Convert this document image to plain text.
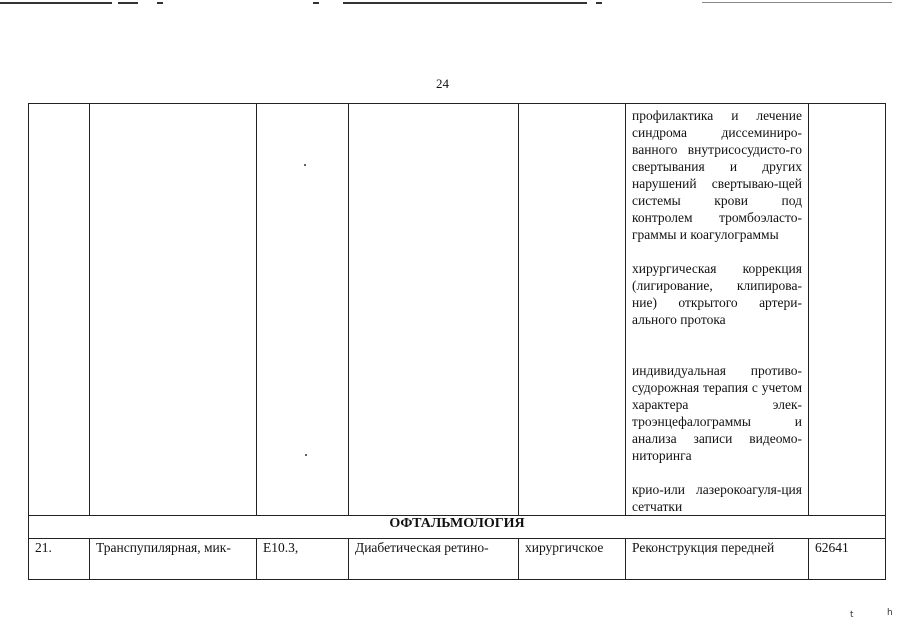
24

					профилактика и лечение синдрома диссеминиро-ванного внутрисосудисто-го свертывания и других нарушений свертываю-щей системы крови под контролем тромбоэласто-граммы и коагулограммы

хирургическая коррекция (лигирование, клипирова-ние) открытого артери-ального протока

индивидуальная противо-судорожная терапия с учетом характера элек-троэнцефалограммы и анализа записи видеомо-ниторинга

крио-или лазерокоагуля-ция сетчатки	

ОФТАЛЬМОЛОГИЯ						

21.	Транспупилярная, мик-	E10.3,	Диабетическая ретино-	хирургичcкое	Реконструкция передней	62641
t	h
